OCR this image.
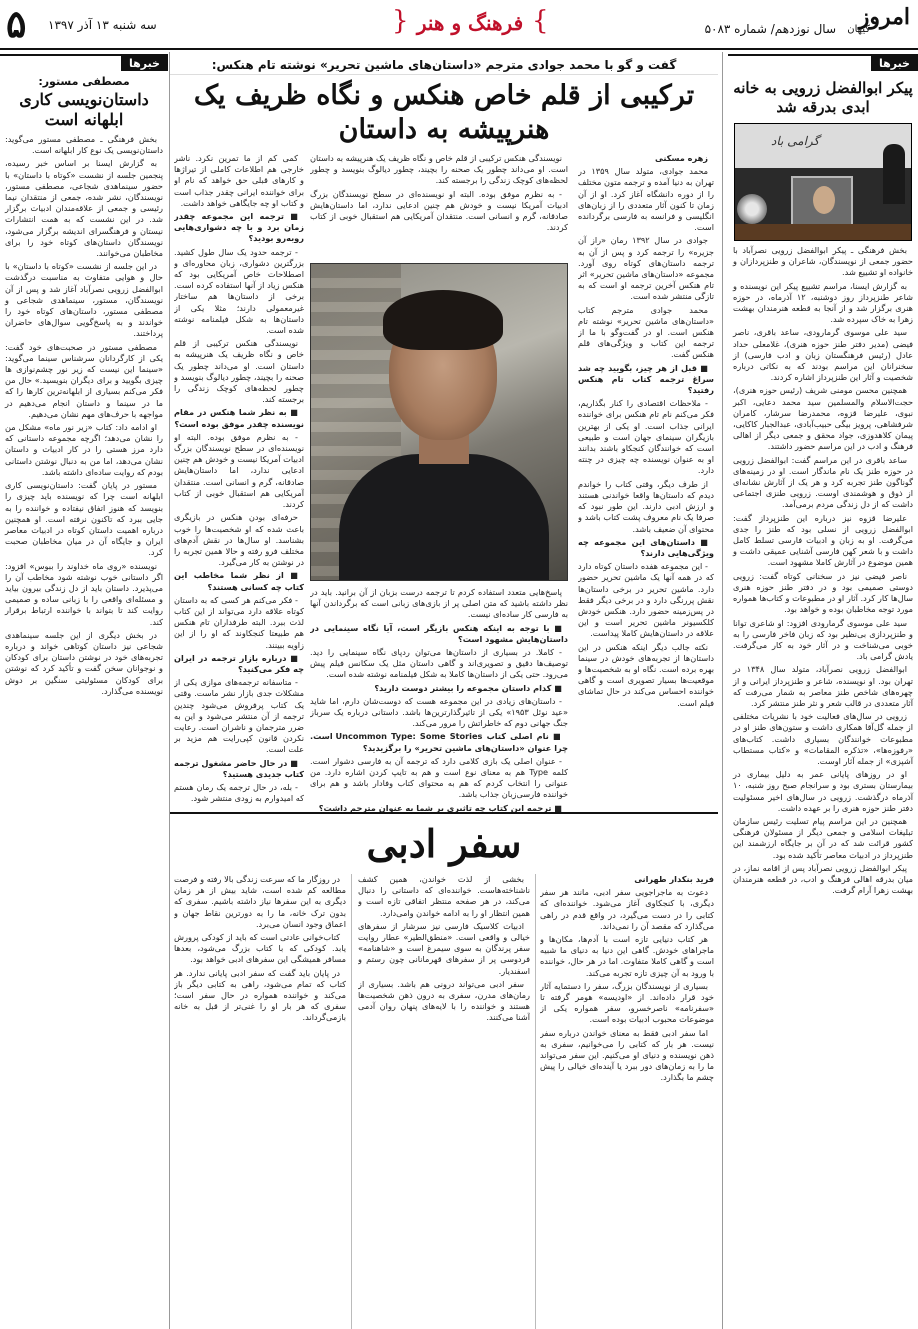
۵ سه شنبه ۱۳ آذر ۱۳۹۷	{ فرهنگ و هنر }	سال نوزدهم/ شماره ۵۰۸۳ امروز
کیهان
خبرها
مصطفی مستور:
داستان‌نویسی کاری ابلهانه است

بخش فرهنگی ـ مصطفی مستور می‌گوید: داستان‌نویسی یک نوع کار ابلهانه است.

به گزارش ایسنا بر اساس خبر رسیده، پنجمین جلسه از نشست «کوتاه با داستان» با حضور سینماهدی شجاعی، مصطفی مستور، نویسندگان، نشر شده، جمعی از منتقدان نیما رئیسی و جمعی از علاقه‌مندان ادبیات برگزار شد. در این نشست که به همت انتشارات نیستان و فرهنگسرای اندیشه برگزار می‌شود، نویسندگان داستان‌های کوتاه خود را برای مخاطبان می‌خوانند.

در این جلسه از نشست «کوتاه با داستان» با حال و هوایی متفاوت به مناسبت درگذشت ابوالفضل زرویی نصرآباد آغاز شد و پس از آن نویسندگان، مستور، سینماهدی شجاعی و مصطفی مستور، داستان‌های کوتاه خود را خواندند و به پاسخ‌گویی سوال‌های حاضران پرداختند.

مصطفی مستور در صحبت‌های خود گفت: یکی از کارگردانان سرشناس سینما می‌گوید: «سینما این نیست که زیر نور چشم‌نوازی ها چیزی بگویید و برای دیگران بنویسید.» حال من فکر می‌کنم بسیاری از ابلهانه‌ترین کارها را که ما در سینما و داستان انجام می‌دهیم در مواجهه با حرف‌های مهم نشان می‌دهیم.

او ادامه داد: کتاب «زیر نور ماه» مشکل من را نشان می‌دهد؛ اگرچه مجموعه داستانی که دارد مرز هستی را در کار ادبیات و داستان نشان می‌دهد، اما من به دنبال نوشتن داستانی بودم که روایت ساده‌ای داشته باشد.

مستور در پایان گفت: داستان‌نویسی کاری ابلهانه است چرا که نویسنده باید چیزی را بنویسد که هنوز اتفاق نیفتاده و خواننده را به جایی ببرد که تاکنون نرفته است. او همچنین درباره اهمیت داستان کوتاه در ادبیات معاصر ایران و جایگاه آن در میان مخاطبان صحبت کرد.

نویسنده «روی ماه خداوند را ببوس» افزود: اگر داستانی خوب نوشته شود مخاطب آن را می‌پذیرد. داستان باید از دل زندگی بیرون بیاید و مسئله‌ای واقعی را با زبانی ساده و صمیمی روایت کند تا بتواند با خواننده ارتباط برقرار کند.

در بخش دیگری از این جلسه سینماهدی شجاعی نیز داستان کوتاهی خواند و درباره تجربه‌های خود در نوشتن داستان برای کودکان و نوجوانان سخن گفت و تأکید کرد که نوشتن برای کودکان مسئولیتی سنگین بر دوش نویسنده می‌گذارد.

خبرها
پیکر ابوالفضل زرویی به خانه ابدی بدرقه شد
گرامی باد

بخش فرهنگی ـ پیکر ابوالفضل زرویی نصرآباد با حضور جمعی از نویسندگان، شاعران و طنزپردازان و خانواده او تشییع شد.

به گزارش ایسنا، مراسم تشییع پیکر این نویسنده و شاعر طنزپرداز روز دوشنبه، ۱۲ آذرماه، در حوزه هنری برگزار شد و از آنجا به قطعه هنرمندان بهشت زهرا به خاک سپرده شد.

سید علی موسوی گرمارودی، ساعد باقری، ناصر فیضی (مدیر دفتر طنز حوزه هنری)، غلامعلی حداد عادل (رئیس فرهنگستان زبان و ادب فارسی) از سخنرانان این مراسم بودند که به نکاتی درباره شخصیت و آثار این طنزپرداز اشاره کردند.

همچنین محسن مومنی شریف (رئیس حوزه هنری)، حجت‌الاسلام والمسلمین سید محمد دعایی، اکبر نبوی، علیرضا قزوه، محمدرضا سرشار، کامران شرفشاهی، پرویز بیگی حبیب‌آبادی، عبدالجبار کاکایی، پیمان کلاهدوزی، جواد محقق و جمعی دیگر از اهالی فرهنگ و ادب در این مراسم حضور داشتند.

ساعد باقری در این مراسم گفت: ابوالفضل زرویی در حوزه طنز یک نام ماندگار است. او در زمینه‌های گوناگون طنز تجربه کرد و هر یک از آثارش نشانه‌ای از ذوق و هوشمندی اوست. زرویی طنزی اجتماعی داشت که از دل زندگی مردم برمی‌آمد.

علیرضا قزوه نیز درباره این طنزپرداز گفت: ابوالفضل زرویی از نسلی بود که طنز را جدی می‌گرفت. او به زبان و ادبیات فارسی تسلط کامل داشت و با شعر کهن فارسی آشنایی عمیقی داشت و همین موضوع در آثارش کاملا مشهود است.

ناصر فیضی نیز در سخنانی کوتاه گفت: زرویی دوستی صمیمی بود و در دفتر طنز حوزه هنری سال‌ها کار کرد. آثار او در مطبوعات و کتاب‌ها همواره مورد توجه مخاطبان بوده و خواهد بود.

سید علی موسوی گرمارودی افزود: او شاعری توانا و طنزپردازی بی‌نظیر بود که زبان فاخر فارسی را به خوبی می‌شناخت و در آثار خود به کار می‌گرفت. یادش گرامی باد.

ابوالفضل زرویی نصرآباد، متولد سال ۱۳۴۸ در تهران بود. او نویسنده، شاعر و طنزپرداز ایرانی و از چهره‌های شاخص طنز معاصر به شمار می‌رفت که آثار متعددی در قالب شعر و نثر طنز منتشر کرد.

زرویی در سال‌های فعالیت خود با نشریات مختلفی از جمله گل‌آقا همکاری داشت و ستون‌های طنز او در مطبوعات خوانندگان بسیاری داشت. کتاب‌های «رفوزه‌ها»، «تذکره المقامات» و «کتاب مستطاب آشپزی» از جمله آثار اوست.

او در روزهای پایانی عمر به دلیل بیماری در بیمارستان بستری بود و سرانجام صبح روز شنبه، ۱۰ آذرماه درگذشت. زرویی در سال‌های اخیر مسئولیت دفتر طنز حوزه هنری را بر عهده داشت.

همچنین در این مراسم پیام تسلیت رئیس سازمان تبلیغات اسلامی و جمعی دیگر از مسئولان فرهنگی کشور قرائت شد که در آن بر جایگاه ارزشمند این طنزپرداز در ادبیات معاصر تأکید شده بود.

پیکر ابوالفضل زرویی نصرآباد پس از اقامه نماز، در میان بدرقه اهالی فرهنگ و ادب، در قطعه هنرمندان بهشت زهرا آرام گرفت.

گفت و گو با محمد جوادی مترجم «داستان‌های ماشین تحریر» نوشته تام هنکس:
ترکیبی از قلم خاص هنکس و نگاه ظریف یک هنرپیشه به داستان

زهره مسکنی

محمد جوادی، متولد سال ۱۳۵۹ در تهران به دنیا آمده و ترجمه متون مختلف را از دوره دانشگاه آغاز کرد. او از آن زمان تا کنون آثار متعددی را از زبان‌های انگلیسی و فرانسه به فارسی برگردانده است.

جوادی در سال ۱۳۹۲ رمان «راز آن جزیره» را ترجمه کرد و پس از آن به ترجمه داستان‌های کوتاه روی آورد. مجموعه «داستان‌های ماشین تحریر» اثر تام هنکس آخرین ترجمه او است که به تازگی منتشر شده است.

محمد جوادی مترجم کتاب «داستان‌های ماشین تحریر» نوشته تام هنکس است. او در گفت‌وگو با ما از ترجمه این کتاب و ویژگی‌های قلم هنکس گفت.

■ قبل از هر چیز، بگویید چه شد سراغ ترجمه کتاب تام هنکس رفتید؟

- ملاحظات اقتصادی را کنار بگذاریم، فکر می‌کنم نام تام هنکس برای خواننده ایرانی جذاب است. او یکی از بهترین بازیگران سینمای جهان است و طبیعی است که خوانندگان کنجکاو باشند بدانند او به عنوان نویسنده چه چیزی در چنته دارد.

از طرف دیگر، وقتی کتاب را خواندم دیدم که داستان‌ها واقعا خواندنی هستند و ارزش ادبی دارند. این طور نبود که صرفا یک نام معروف پشت کتاب باشد و محتوای آن ضعیف باشد.

■ داستان‌های این مجموعه چه ویژگی‌هایی دارند؟

- این مجموعه هفده داستان کوتاه دارد که در همه آنها یک ماشین تحریر حضور دارد. ماشین تحریر در برخی داستان‌ها نقش پررنگی دارد و در برخی دیگر فقط در پس‌زمینه حضور دارد. هنکس خودش کلکسیونر ماشین تحریر است و این علاقه در داستان‌هایش کاملا پیداست.

نکته جالب دیگر اینکه هنکس در این داستان‌ها از تجربه‌های خودش در سینما بهره برده است. نگاه او به شخصیت‌ها و موقعیت‌ها بسیار تصویری است و گاهی خواننده احساس می‌کند در حال تماشای فیلم است.

کمی کم از ما تمرین نکرد. ناشر خارجی هم اطلاعات کاملی از تیراژها و کارهای قبلی حق خواهد که نام او برای خواننده ایرانی چقدر جذاب است و کتاب او چه جایگاهی خواهد داشت.

■ ترجمه این مجموعه چقدر زمان برد و با چه دشواری‌هایی روبه‌رو بودید؟

- ترجمه حدود یک سال طول کشید. بزرگترین دشواری، زبان محاوره‌ای و اصطلاحات خاص آمریکایی بود که هنکس زیاد از آنها استفاده کرده است. برخی از داستان‌ها هم ساختار غیرمعمولی دارند؛ مثلا یکی از داستان‌ها به شکل فیلمنامه نوشته شده است.

نویسندگی هنکس ترکیبی از قلم خاص و نگاه ظریف یک هنرپیشه به داستان است. او می‌داند چطور یک صحنه را بچیند، چطور دیالوگ بنویسد و چطور لحظه‌های کوچک زندگی را برجسته کند.

■ به نظر شما هنکس در مقام نویسنده چقدر موفق بوده است؟

- به نظرم موفق بوده. البته او نویسنده‌ای در سطح نویسندگان بزرگ ادبیات آمریکا نیست و خودش هم چنین ادعایی ندارد، اما داستان‌هایش صادقانه، گرم و انسانی است. منتقدان آمریکایی هم استقبال خوبی از کتاب کردند.

حرفه‌ای بودن هنکس در بازیگری باعث شده که او شخصیت‌ها را خوب بشناسد. او سال‌ها در نقش آدم‌های مختلف فرو رفته و حالا همین تجربه را در نوشتن به کار می‌گیرد.

■ از نظر شما مخاطب این کتاب چه کسانی هستند؟

- فکر می‌کنم هر کسی که به داستان کوتاه علاقه دارد می‌تواند از این کتاب لذت ببرد. البته طرفداران تام هنکس هم طبیعتا کنجکاوند که او را از این زاویه ببینند.

■ درباره بازار ترجمه در ایران چه فکر می‌کنید؟

- متاسفانه ترجمه‌های موازی یکی از مشکلات جدی بازار نشر ماست. وقتی یک کتاب پرفروش می‌شود چندین ترجمه از آن منتشر می‌شود و این به ضرر مترجمان و ناشران است. رعایت نکردن قانون کپی‌رایت هم مزید بر علت است.

■ در حال حاضر مشغول ترجمه کتاب جدیدی هستید؟

- بله، در حال ترجمه یک رمان هستم که امیدوارم به زودی منتشر شود.

نویسندگی هنکس ترکیبی از قلم خاص و نگاه ظریف یک هنرپیشه به داستان است. او می‌داند چطور یک صحنه را بچیند، چطور دیالوگ بنویسد و چطور لحظه‌های کوچک زندگی را برجسته کند.

- به نظرم موفق بوده. البته او نویسنده‌ای در سطح نویسندگان بزرگ ادبیات آمریکا نیست و خودش هم چنین ادعایی ندارد، اما داستان‌هایش صادقانه، گرم و انسانی است. منتقدان آمریکایی هم استقبال خوبی از کتاب کردند.

پاسخ‌هایی متعدد استفاده کردم تا ترجمه درست بزبان از آن برانید. باید در نظر داشته باشید که متن اصلی پر از بازی‌های زبانی است که برگرداندن آنها به فارسی کار ساده‌ای نیست.

■ با توجه به اینکه هنکس بازیگر است، آیا نگاه سینمایی در داستان‌هایش مشهود است؟

- کاملا. در بسیاری از داستان‌ها می‌توان ردپای نگاه سینمایی را دید. توصیف‌ها دقیق و تصویری‌اند و گاهی داستان مثل یک سکانس فیلم پیش می‌رود. حتی یکی از داستان‌ها کاملا به شکل فیلمنامه نوشته شده است.

■ کدام داستان مجموعه را بیشتر دوست دارید؟

- داستان‌های زیادی در این مجموعه هست که دوست‌شان دارم، اما شاید «عید نوئل ۱۹۵۳» یکی از تاثیرگذارترین‌ها باشد. داستانی درباره یک سرباز جنگ جهانی دوم که خاطراتش را مرور می‌کند.

■ نام اصلی کتاب Uncommon Type: Some Stories است. چرا عنوان «داستان‌های ماشین تحریر» را برگزیدید؟

- عنوان اصلی یک بازی کلامی دارد که ترجمه آن به فارسی دشوار است. کلمه Type هم به معنای نوع است و هم به تایپ کردن اشاره دارد. من عنوانی را انتخاب کردم که هم به محتوای کتاب وفادار باشد و هم برای خواننده فارسی‌زبان جذاب باشد.

■ ترجمه این کتاب چه تاثیری بر شما به عنوان مترجم داشت؟

سفر ادبی
فرید بنکدار طهرانی

دعوت به ماجراجویی سفر ادبی، مانند هر سفر دیگری، با کنجکاوی آغاز می‌شود. خواننده‌ای که کتابی را در دست می‌گیرد، در واقع قدم در راهی می‌گذارد که مقصد آن را نمی‌داند.

هر کتاب دنیایی تازه است با آدم‌ها، مکان‌ها و ماجراهای خودش. گاهی این دنیا به دنیای ما شبیه است و گاهی کاملا متفاوت. اما در هر حال، خواننده با ورود به آن چیزی تازه تجربه می‌کند.

بسیاری از نویسندگان بزرگ، سفر را دستمایه آثار خود قرار داده‌اند. از «اودیسه» هومر گرفته تا «سفرنامه» ناصرخسرو، سفر همواره یکی از موضوعات محبوب ادبیات بوده است.

اما سفر ادبی فقط به معنای خواندن درباره سفر نیست. هر بار که کتابی را می‌خوانیم، سفری به ذهن نویسنده و دنیای او می‌کنیم. این سفر می‌تواند ما را به زمان‌های دور ببرد یا آینده‌ای خیالی را پیش چشم ما بگذارد.

بخشی از لذت خواندن، همین کشف ناشناخته‌هاست. خواننده‌ای که داستانی را دنبال می‌کند، در هر صفحه منتظر اتفاقی تازه است و همین انتظار او را به ادامه خواندن وامی‌دارد.

ادبیات کلاسیک فارسی نیز سرشار از سفرهای خیالی و واقعی است. «منطق‌الطیر» عطار روایت سفر پرندگان به سوی سیمرغ است و «شاهنامه» فردوسی پر از سفرهای قهرمانانی چون رستم و اسفندیار.

سفر ادبی می‌تواند درونی هم باشد. بسیاری از رمان‌های مدرن، سفری به درون ذهن شخصیت‌ها هستند و خواننده را با لایه‌های پنهان روان آدمی آشنا می‌کنند.

در روزگار ما که سرعت زندگی بالا رفته و فرصت مطالعه کم شده است، شاید بیش از هر زمان دیگری به این سفرها نیاز داشته باشیم. سفری که بدون ترک خانه، ما را به دورترین نقاط جهان و اعماق وجود انسان می‌برد.

کتاب‌خوانی عادتی است که باید از کودکی پرورش یابد. کودکی که با کتاب بزرگ می‌شود، بعدها مسافر همیشگی این سفرهای ادبی خواهد بود.

در پایان باید گفت که سفر ادبی پایانی ندارد. هر کتاب که تمام می‌شود، راهی به کتابی دیگر باز می‌کند و خواننده همواره در حال سفر است؛ سفری که هر بار او را غنی‌تر از قبل به خانه بازمی‌گرداند.
